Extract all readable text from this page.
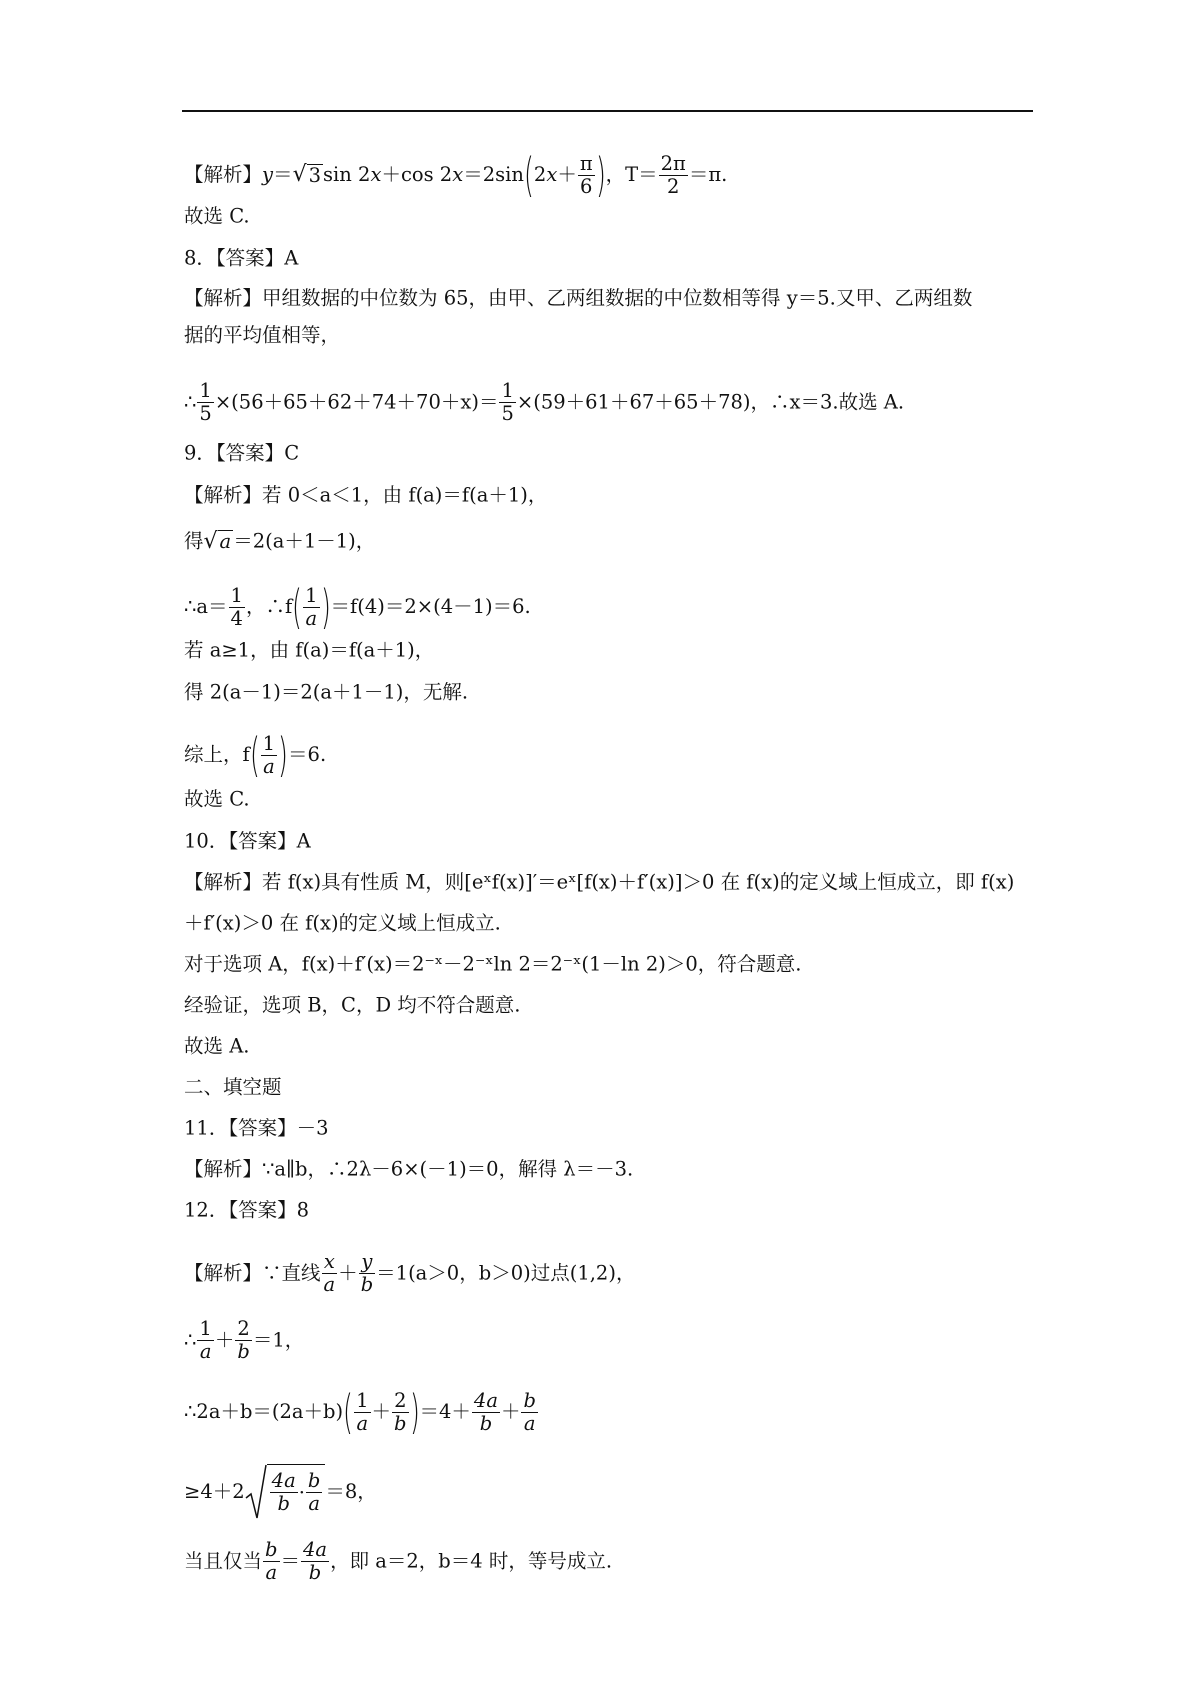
【解析】y＝√ 3 sin 2x＋cos $2x=2\sin(2x+ \frac{\pi}{6}$ )，$T= \frac{2\pi}{2} =\pi$.
故选 C.
8．【答案】A
【解析】甲组数据的中位数为 65，由甲、乙两组数据的中位数相等得 y＝5.又甲、乙两组数
据的平均值相等，
∴ $\frac{1}{5} \times(56+65+62+74+70+x)= \frac{1}{5} \times(59+61+67+65+78)$，∴x＝3.故选 A.
9．【答案】C
【解析】若 0＜a＜1，由 f(a)＝f(a＋1)，
得√ a ＝2(a＋1－1)，
∴a＝ $\frac{1}{4}$ ，∴f( $\frac{1}{a} )=f(4)=2\times(4-1)=6$.
若 a≥1，由 f(a)＝f(a＋1)，
得 2(a－1)＝2(a＋1－1)，无解.
综上，$f( \frac{1}{a} )=6$.
故选 C.
10．【答案】A
【解析】若 f(x)具有性质 M，则[eˣf(x)]′＝eˣ[f(x)＋f′(x)]＞0 在 f(x)的定义域上恒成立，即 f(x)
＋f′(x)＞0 在 f(x)的定义域上恒成立.
对于选项 A，f(x)＋f′(x)＝2⁻ˣ－2⁻ˣln 2＝2⁻ˣ(1－ln 2)＞0，符合题意.
经验证，选项 B，C，D 均不符合题意.
故选 A.
二、填空题
11．【答案】－3
【解析】∵a∥b，∴2λ－6×(－1)＝0，解得 λ＝－3.
12．【答案】8
【解析】∵直线 $\frac{x}{a} + \frac{y}{b} =1(a>0$，b＞0)过点(1,2)，
∴ $\frac{1}{a} + \frac{2}{b} =1$，
∴2a＋b＝(2a＋b)( $\frac{1}{a} + \frac{2}{b} )=4+ \frac{4a}{b} + \frac{b}{a}$
$\ge 4+2 \frac{4a}{b} \cdot \frac{b}{a} =8$，
当且仅当 $\frac{b}{a} = \frac{4a}{b}$ ，即 a＝2，b＝4 时，等号成立.
